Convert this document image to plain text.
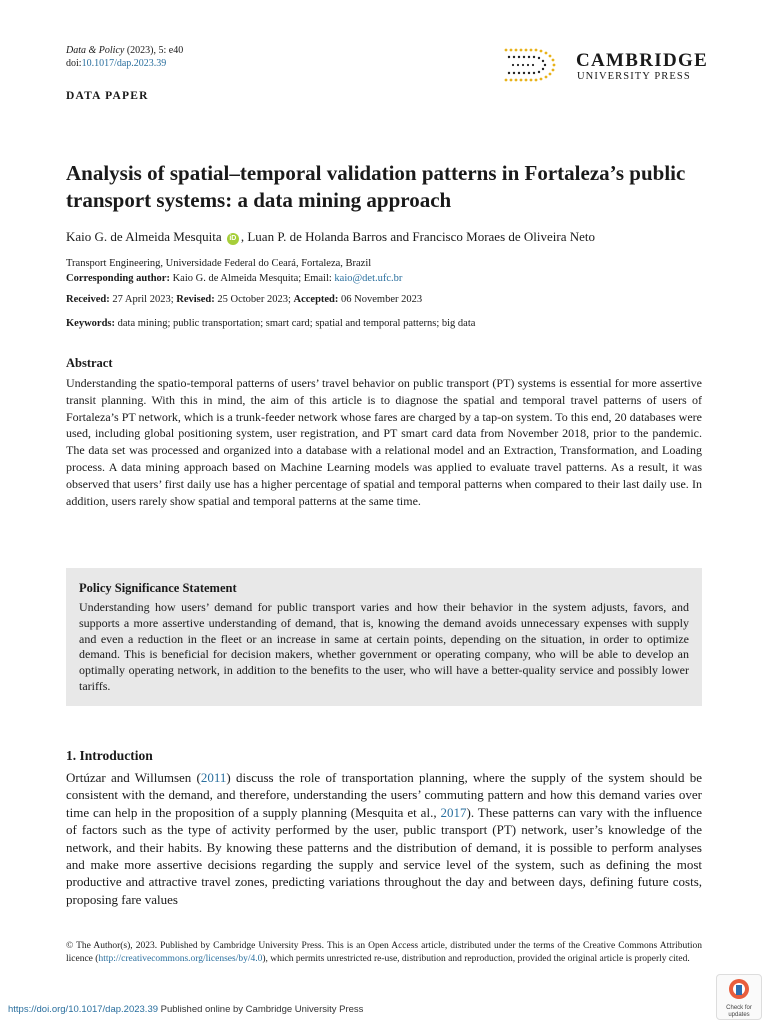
Data & Policy (2023), 5: e40
doi:10.1017/dap.2023.39
DATA PAPER
CAMBRIDGE
UNIVERSITY PRESS
Analysis of spatial–temporal validation patterns in Fortaleza’s public transport systems: a data mining approach
Kaio G. de Almeida Mesquita iD , Luan P. de Holanda Barros and Francisco Moraes de Oliveira Neto
Transport Engineering, Universidade Federal do Ceará, Fortaleza, Brazil
Corresponding author: Kaio G. de Almeida Mesquita; Email: kaio@det.ufc.br
Received: 27 April 2023; Revised: 25 October 2023; Accepted: 06 November 2023
Keywords: data mining; public transportation; smart card; spatial and temporal patterns; big data
Abstract
Understanding the spatio-temporal patterns of users’ travel behavior on public transport (PT) systems is essential for more assertive transit planning. With this in mind, the aim of this article is to diagnose the spatial and temporal travel patterns of users of Fortaleza’s PT network, which is a trunk-feeder network whose fares are charged by a tap-on system. To this end, 20 databases were used, including global positioning system, user registration, and PT smart card data from November 2018, prior to the pandemic. The data set was processed and organized into a database with a relational model and an Extraction, Transformation, and Loading process. A data mining approach based on Machine Learning models was applied to evaluate travel patterns. As a result, it was observed that users’ first daily use has a higher percentage of spatial and temporal patterns when compared to their last daily use. In addition, users rarely show spatial and temporal patterns at the same time.
Policy Significance Statement
Understanding how users’ demand for public transport varies and how their behavior in the system adjusts, favors, and supports a more assertive understanding of demand, that is, knowing the demand avoids unnecessary expenses with supply and even a reduction in the fleet or an increase in same at certain points, depending on the situation, in order to optimize demand. This is beneficial for decision makers, whether government or operating company, who will be able to develop an optimally operating network, in addition to the benefits to the user, who will have a better-quality service and possibly lower tariffs.
1. Introduction
Ortúzar and Willumsen (2011) discuss the role of transportation planning, where the supply of the system should be consistent with the demand, and therefore, understanding the users’ commuting pattern and how this demand varies over time can help in the proposition of a supply planning (Mesquita et al., 2017). These patterns can vary with the influence of factors such as the type of activity performed by the user, public transport (PT) network, user’s knowledge of the network, and their habits. By knowing these patterns and the distribution of demand, it is possible to perform analyses and make more assertive decisions regarding the supply and service level of the system, such as defining the most productive and attractive travel zones, predicting variations throughout the day and between days, defining future costs, proposing fare values
© The Author(s), 2023. Published by Cambridge University Press. This is an Open Access article, distributed under the terms of the Creative Commons Attribution licence (http://creativecommons.org/licenses/by/4.0), which permits unrestricted re-use, distribution and reproduction, provided the original article is properly cited.
https://doi.org/10.1017/dap.2023.39 Published online by Cambridge University Press	Check for
updates
